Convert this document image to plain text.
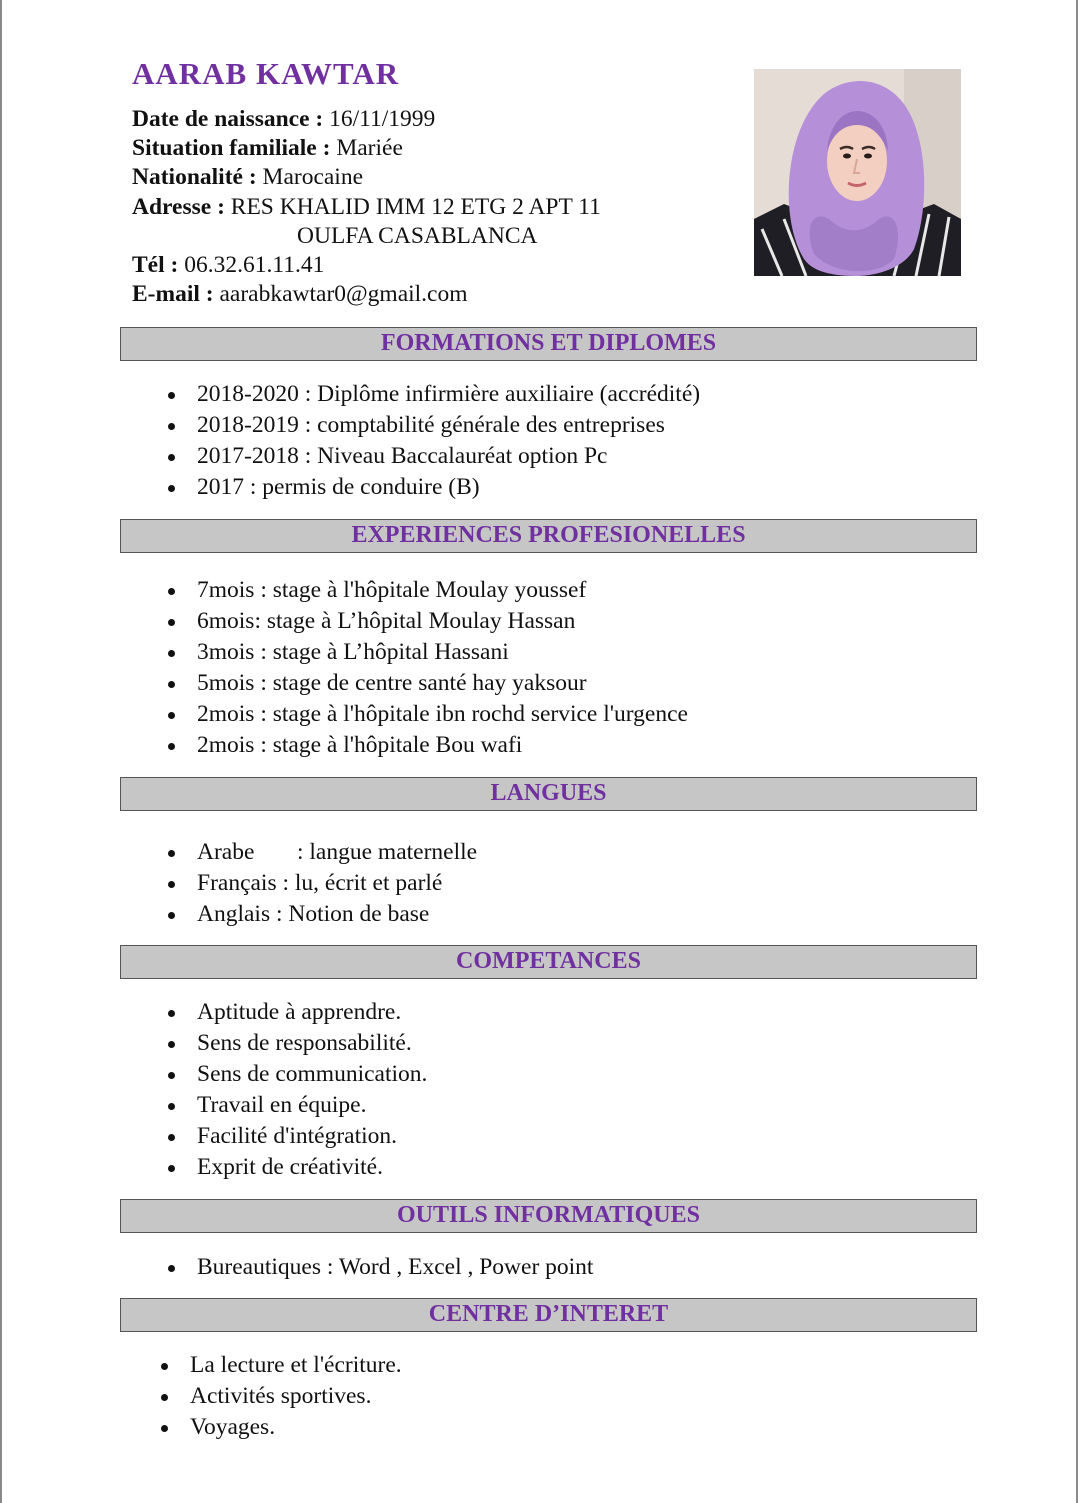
AARAB KAWTAR
Date de naissance : 16/11/1999
Situation familiale : Mariée
Nationalité : Marocaine
Adresse : RES KHALID IMM 12 ETG 2 APT 11
OULFA CASABLANCA
Tél : 06.32.61.11.41
E-mail : aarabkawtar0@gmail.com
FORMATIONS ET DIPLOMES
2018-2020 : Diplôme infirmière auxiliaire (accrédité)
2018-2019 : comptabilité générale des entreprises
2017-2018 : Niveau Baccalauréat option Pc
2017 : permis de conduire (B)
EXPERIENCES PROFESIONELLES
7mois : stage à l'hôpitale Moulay youssef
6mois: stage à L’hôpital Moulay Hassan
3mois : stage à L’hôpital Hassani
5mois : stage de centre santé hay yaksour
2mois : stage à l'hôpitale ibn rochd service l'urgence
2mois : stage à l'hôpitale Bou wafi
LANGUES
Arabe : langue maternelle
Français : lu, écrit et parlé
Anglais : Notion de base
COMPETANCES
Aptitude à apprendre.
Sens de responsabilité.
Sens de communication.
Travail en équipe.
Facilité d'intégration.
Exprit de créativité.
OUTILS INFORMATIQUES
Bureautiques : Word , Excel , Power point
CENTRE D’INTERET
La lecture et l'écriture.
Activités sportives.
Voyages.
